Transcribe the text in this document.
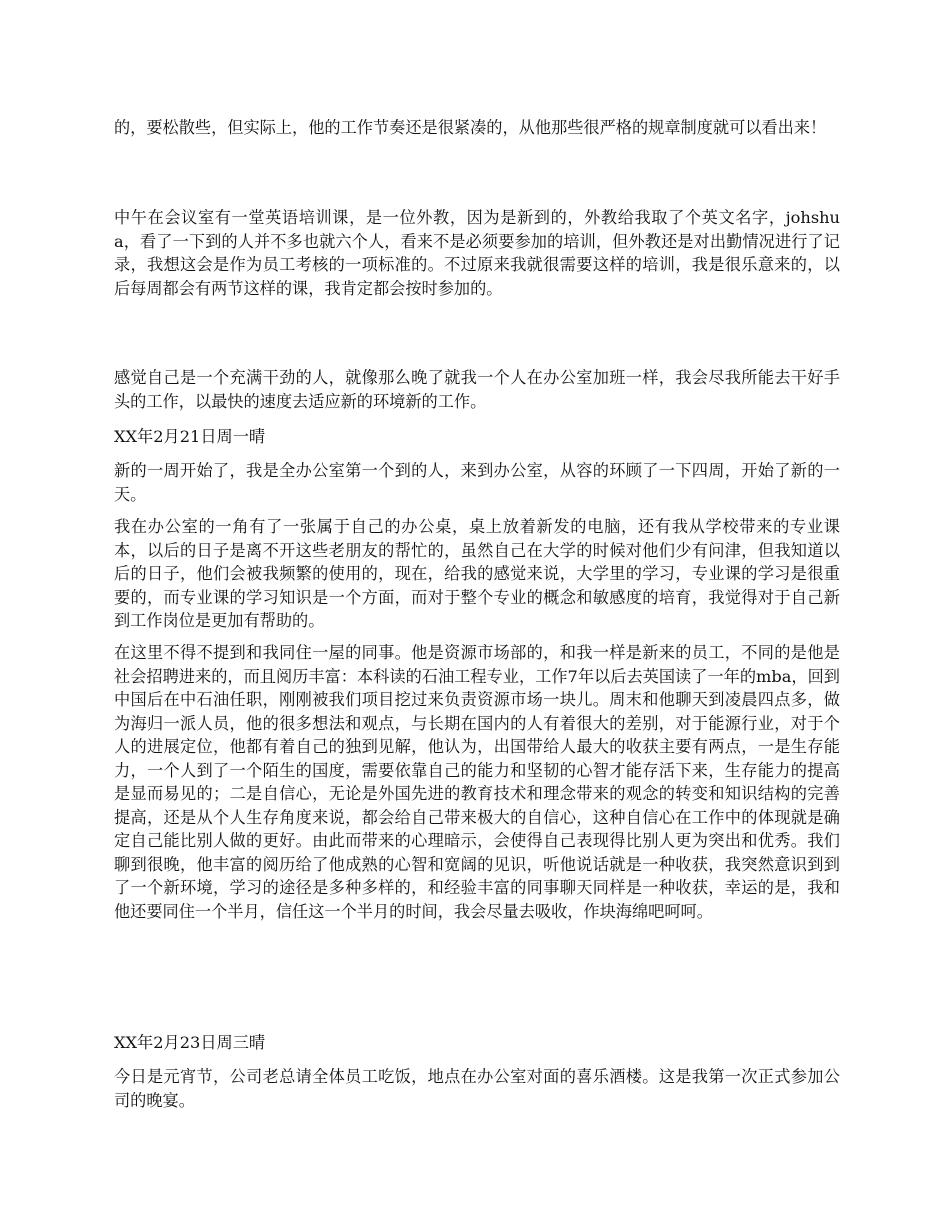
的，要松散些，但实际上，他的工作节奏还是很紧凑的，从他那些很严格的规章制度就可以看出来！

中午在会议室有一堂英语培训课，是一位外教，因为是新到的，外教给我取了个英文名字，johshua，看了一下到的人并不多也就六个人，看来不是必须要参加的培训，但外教还是对出勤情况进行了记录，我想这会是作为员工考核的一项标准的。不过原来我就很需要这样的培训，我是很乐意来的，以后每周都会有两节这样的课，我肯定都会按时参加的。

感觉自己是一个充满干劲的人，就像那么晚了就我一个人在办公室加班一样，我会尽我所能去干好手头的工作，以最快的速度去适应新的环境新的工作。

XX年2月21日周一晴

新的一周开始了，我是全办公室第一个到的人，来到办公室，从容的环顾了一下四周，开始了新的一天。

我在办公室的一角有了一张属于自己的办公桌，桌上放着新发的电脑，还有我从学校带来的专业课本，以后的日子是离不开这些老朋友的帮忙的，虽然自己在大学的时候对他们少有问津，但我知道以后的日子，他们会被我频繁的使用的，现在，给我的感觉来说，大学里的学习，专业课的学习是很重要的，而专业课的学习知识是一个方面，而对于整个专业的概念和敏感度的培育，我觉得对于自己新到工作岗位是更加有帮助的。

在这里不得不提到和我同住一屋的同事。他是资源市场部的，和我一样是新来的员工，不同的是他是社会招聘进来的，而且阅历丰富：本科读的石油工程专业，工作7年以后去英国读了一年的mba，回到中国后在中石油任职，刚刚被我们项目挖过来负责资源市场一块儿。周末和他聊天到凌晨四点多，做为海归一派人员，他的很多想法和观点，与长期在国内的人有着很大的差别，对于能源行业，对于个人的进展定位，他都有着自己的独到见解，他认为，出国带给人最大的收获主要有两点，一是生存能力，一个人到了一个陌生的国度，需要依靠自己的能力和坚韧的心智才能存活下来，生存能力的提高是显而易见的；二是自信心，无论是外国先进的教育技术和理念带来的观念的转变和知识结构的完善提高，还是从个人生存角度来说，都会给自己带来极大的自信心，这种自信心在工作中的体现就是确定自己能比别人做的更好。由此而带来的心理暗示，会使得自己表现得比别人更为突出和优秀。我们聊到很晚，他丰富的阅历给了他成熟的心智和宽阔的见识，听他说话就是一种收获，我突然意识到到了一个新环境，学习的途径是多种多样的，和经验丰富的同事聊天同样是一种收获，幸运的是，我和他还要同住一个半月，信任这一个半月的时间，我会尽量去吸收，作块海绵吧呵呵。

XX年2月23日周三晴

今日是元宵节，公司老总请全体员工吃饭，地点在办公室对面的喜乐酒楼。这是我第一次正式参加公司的晚宴。
